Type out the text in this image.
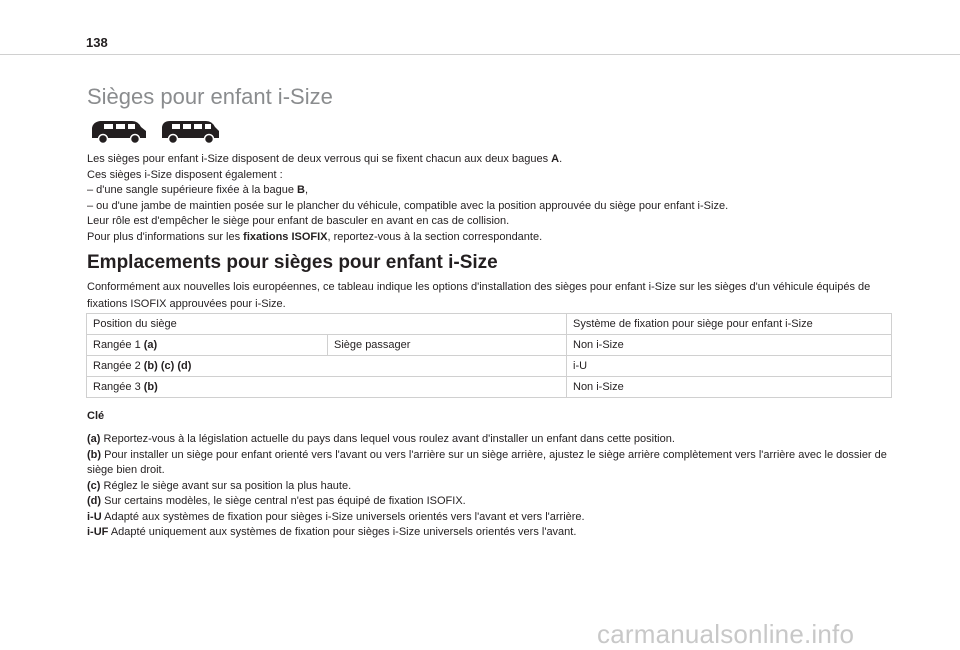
138
Sièges pour enfant i-Size

Les sièges pour enfant i-Size disposent de deux verrous qui se fixent chacun aux deux bagues A.

Ces sièges i-Size disposent également :

– d'une sangle supérieure fixée à la bague B,

– ou d'une jambe de maintien posée sur le plancher du véhicule, compatible avec la position approuvée du siège pour enfant i-Size.

Leur rôle est d'empêcher le siège pour enfant de basculer en avant en cas de collision.

Pour plus d'informations sur les fixations ISOFIX, reportez-vous à la section correspondante.

Emplacements pour sièges pour enfant i-Size

Conformément aux nouvelles lois européennes, ce tableau indique les options d'installation des sièges pour enfant i-Size sur les sièges d'un véhicule équipés de fixations ISOFIX approuvées pour i-Size.

Position du siège		Système de fixation pour siège pour enfant i-Size
Rangée 1 (a)	Siège passager	Non i-Size
Rangée 2 (b) (c) (d)		i-U
Rangée 3 (b)		Non i-Size

Clé

(a) Reportez-vous à la législation actuelle du pays dans lequel vous roulez avant d'installer un enfant dans cette position.

(b) Pour installer un siège pour enfant orienté vers l'avant ou vers l'arrière sur un siège arrière, ajustez le siège arrière complètement vers l'arrière avec le dossier de siège bien droit.

(c) Réglez le siège avant sur sa position la plus haute.

(d) Sur certains modèles, le siège central n'est pas équipé de fixation ISOFIX.

i-U Adapté aux systèmes de fixation pour sièges i-Size universels orientés vers l'avant et vers l'arrière.

i-UF Adapté uniquement aux systèmes de fixation pour sièges i-Size universels orientés vers l'avant.

carmanualsonline.info
